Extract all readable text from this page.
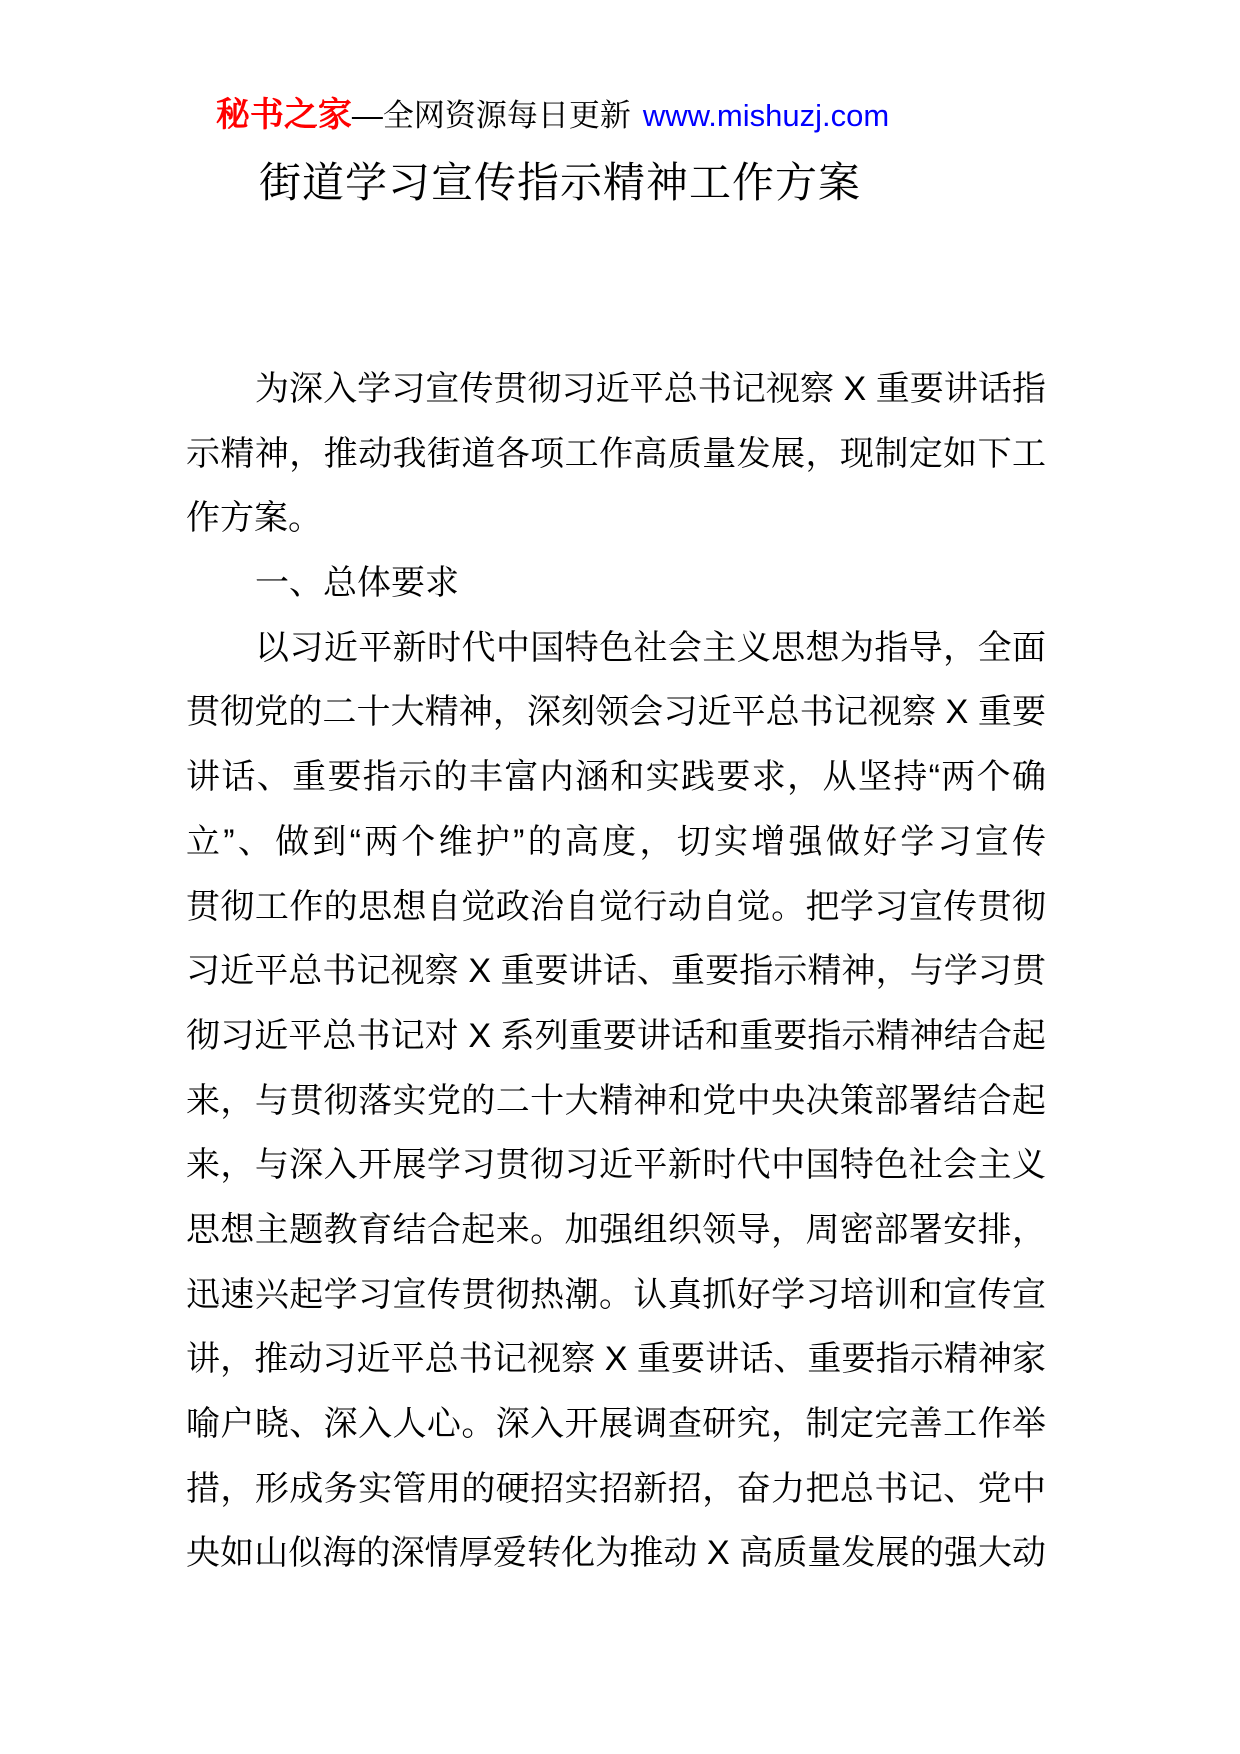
秘书之家—全网资源每日更新 www.mishuzj.com
街道学习宣传指示精神工作方案
为深入学习宣传贯彻习近平总书记视察 X 重要讲话指
示精神，推动我街道各项工作高质量发展，现制定如下工
作方案。
一、总体要求
以习近平新时代中国特色社会主义思想为指导，全面
贯彻党的二十大精神，深刻领会习近平总书记视察 X 重要
讲话、重要指示的丰富内涵和实践要求，从坚持“两个确
立”、做到“两个维护”的高度，切实增强做好学习宣传
贯彻工作的思想自觉政治自觉行动自觉。把学习宣传贯彻
习近平总书记视察 X 重要讲话、重要指示精神，与学习贯
彻习近平总书记对 X 系列重要讲话和重要指示精神结合起
来，与贯彻落实党的二十大精神和党中央决策部署结合起
来，与深入开展学习贯彻习近平新时代中国特色社会主义
思想主题教育结合起来。加强组织领导，周密部署安排，
迅速兴起学习宣传贯彻热潮。认真抓好学习培训和宣传宣
讲，推动习近平总书记视察 X 重要讲话、重要指示精神家
喻户晓、深入人心。深入开展调查研究，制定完善工作举
措，形成务实管用的硬招实招新招，奋力把总书记、党中
央如山似海的深情厚爱转化为推动 X 高质量发展的强大动
